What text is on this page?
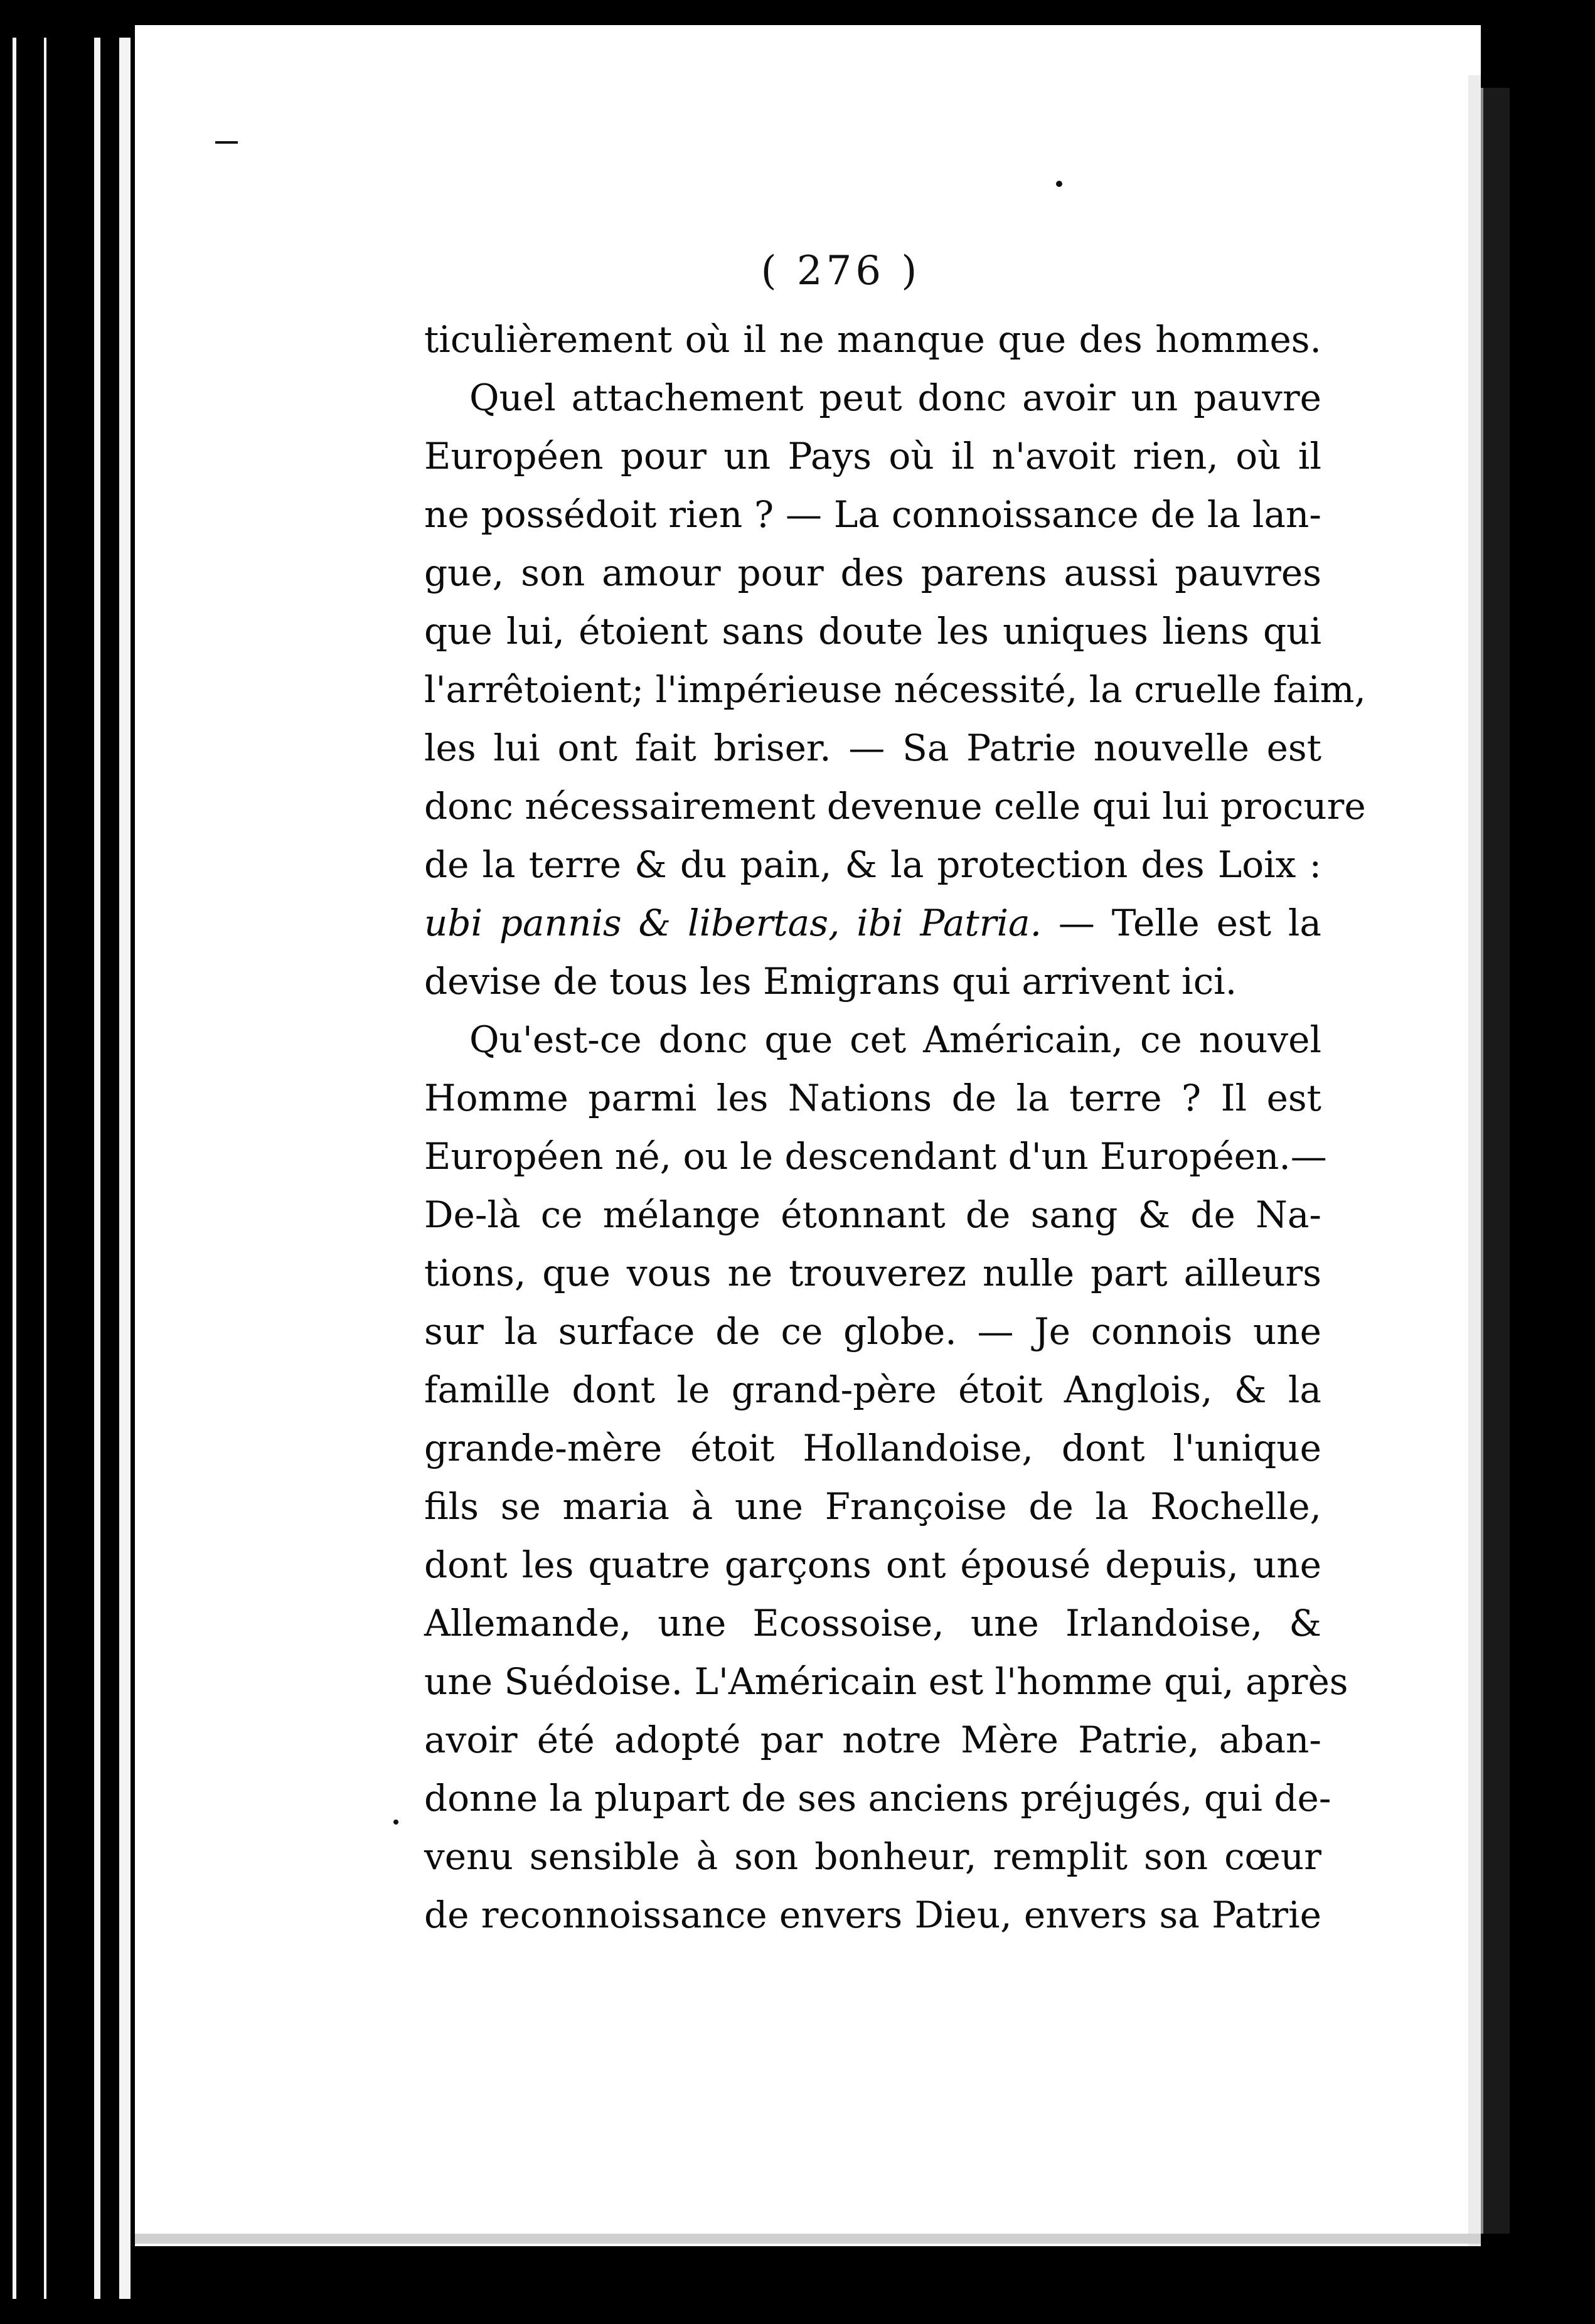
( 276 )
ticulièrement où il ne manque que des hommes.
Quel attachement peut donc avoir un pauvre
Européen pour un Pays où il n'avoit rien, où il
ne possédoit rien ? — La connoissance de la lan-
gue, son amour pour des parens aussi pauvres
que lui, étoient sans doute les uniques liens qui
l'arrêtoient; l'impérieuse nécessité, la cruelle faim,
les lui ont fait briser. — Sa Patrie nouvelle est
donc nécessairement devenue celle qui lui procure
de la terre & du pain, & la protection des Loix :
ubi pannis & libertas, ibi Patria. — Telle est la
devise de tous les Emigrans qui arrivent ici.
Qu'est-ce donc que cet Américain, ce nouvel
Homme parmi les Nations de la terre ? Il est
Européen né, ou le descendant d'un Européen.—
De-là ce mélange étonnant de sang & de Na-
tions, que vous ne trouverez nulle part ailleurs
sur la surface de ce globe. — Je connois une
famille dont le grand-père étoit Anglois, & la
grande-mère étoit Hollandoise, dont l'unique
fils se maria à une Françoise de la Rochelle,
dont les quatre garçons ont épousé depuis, une
Allemande, une Ecossoise, une Irlandoise, &
une Suédoise. L'Américain est l'homme qui, après
avoir été adopté par notre Mère Patrie, aban-
donne la plupart de ses anciens préjugés, qui de-
venu sensible à son bonheur, remplit son cœur
de reconnoissance envers Dieu, envers sa Patrie
